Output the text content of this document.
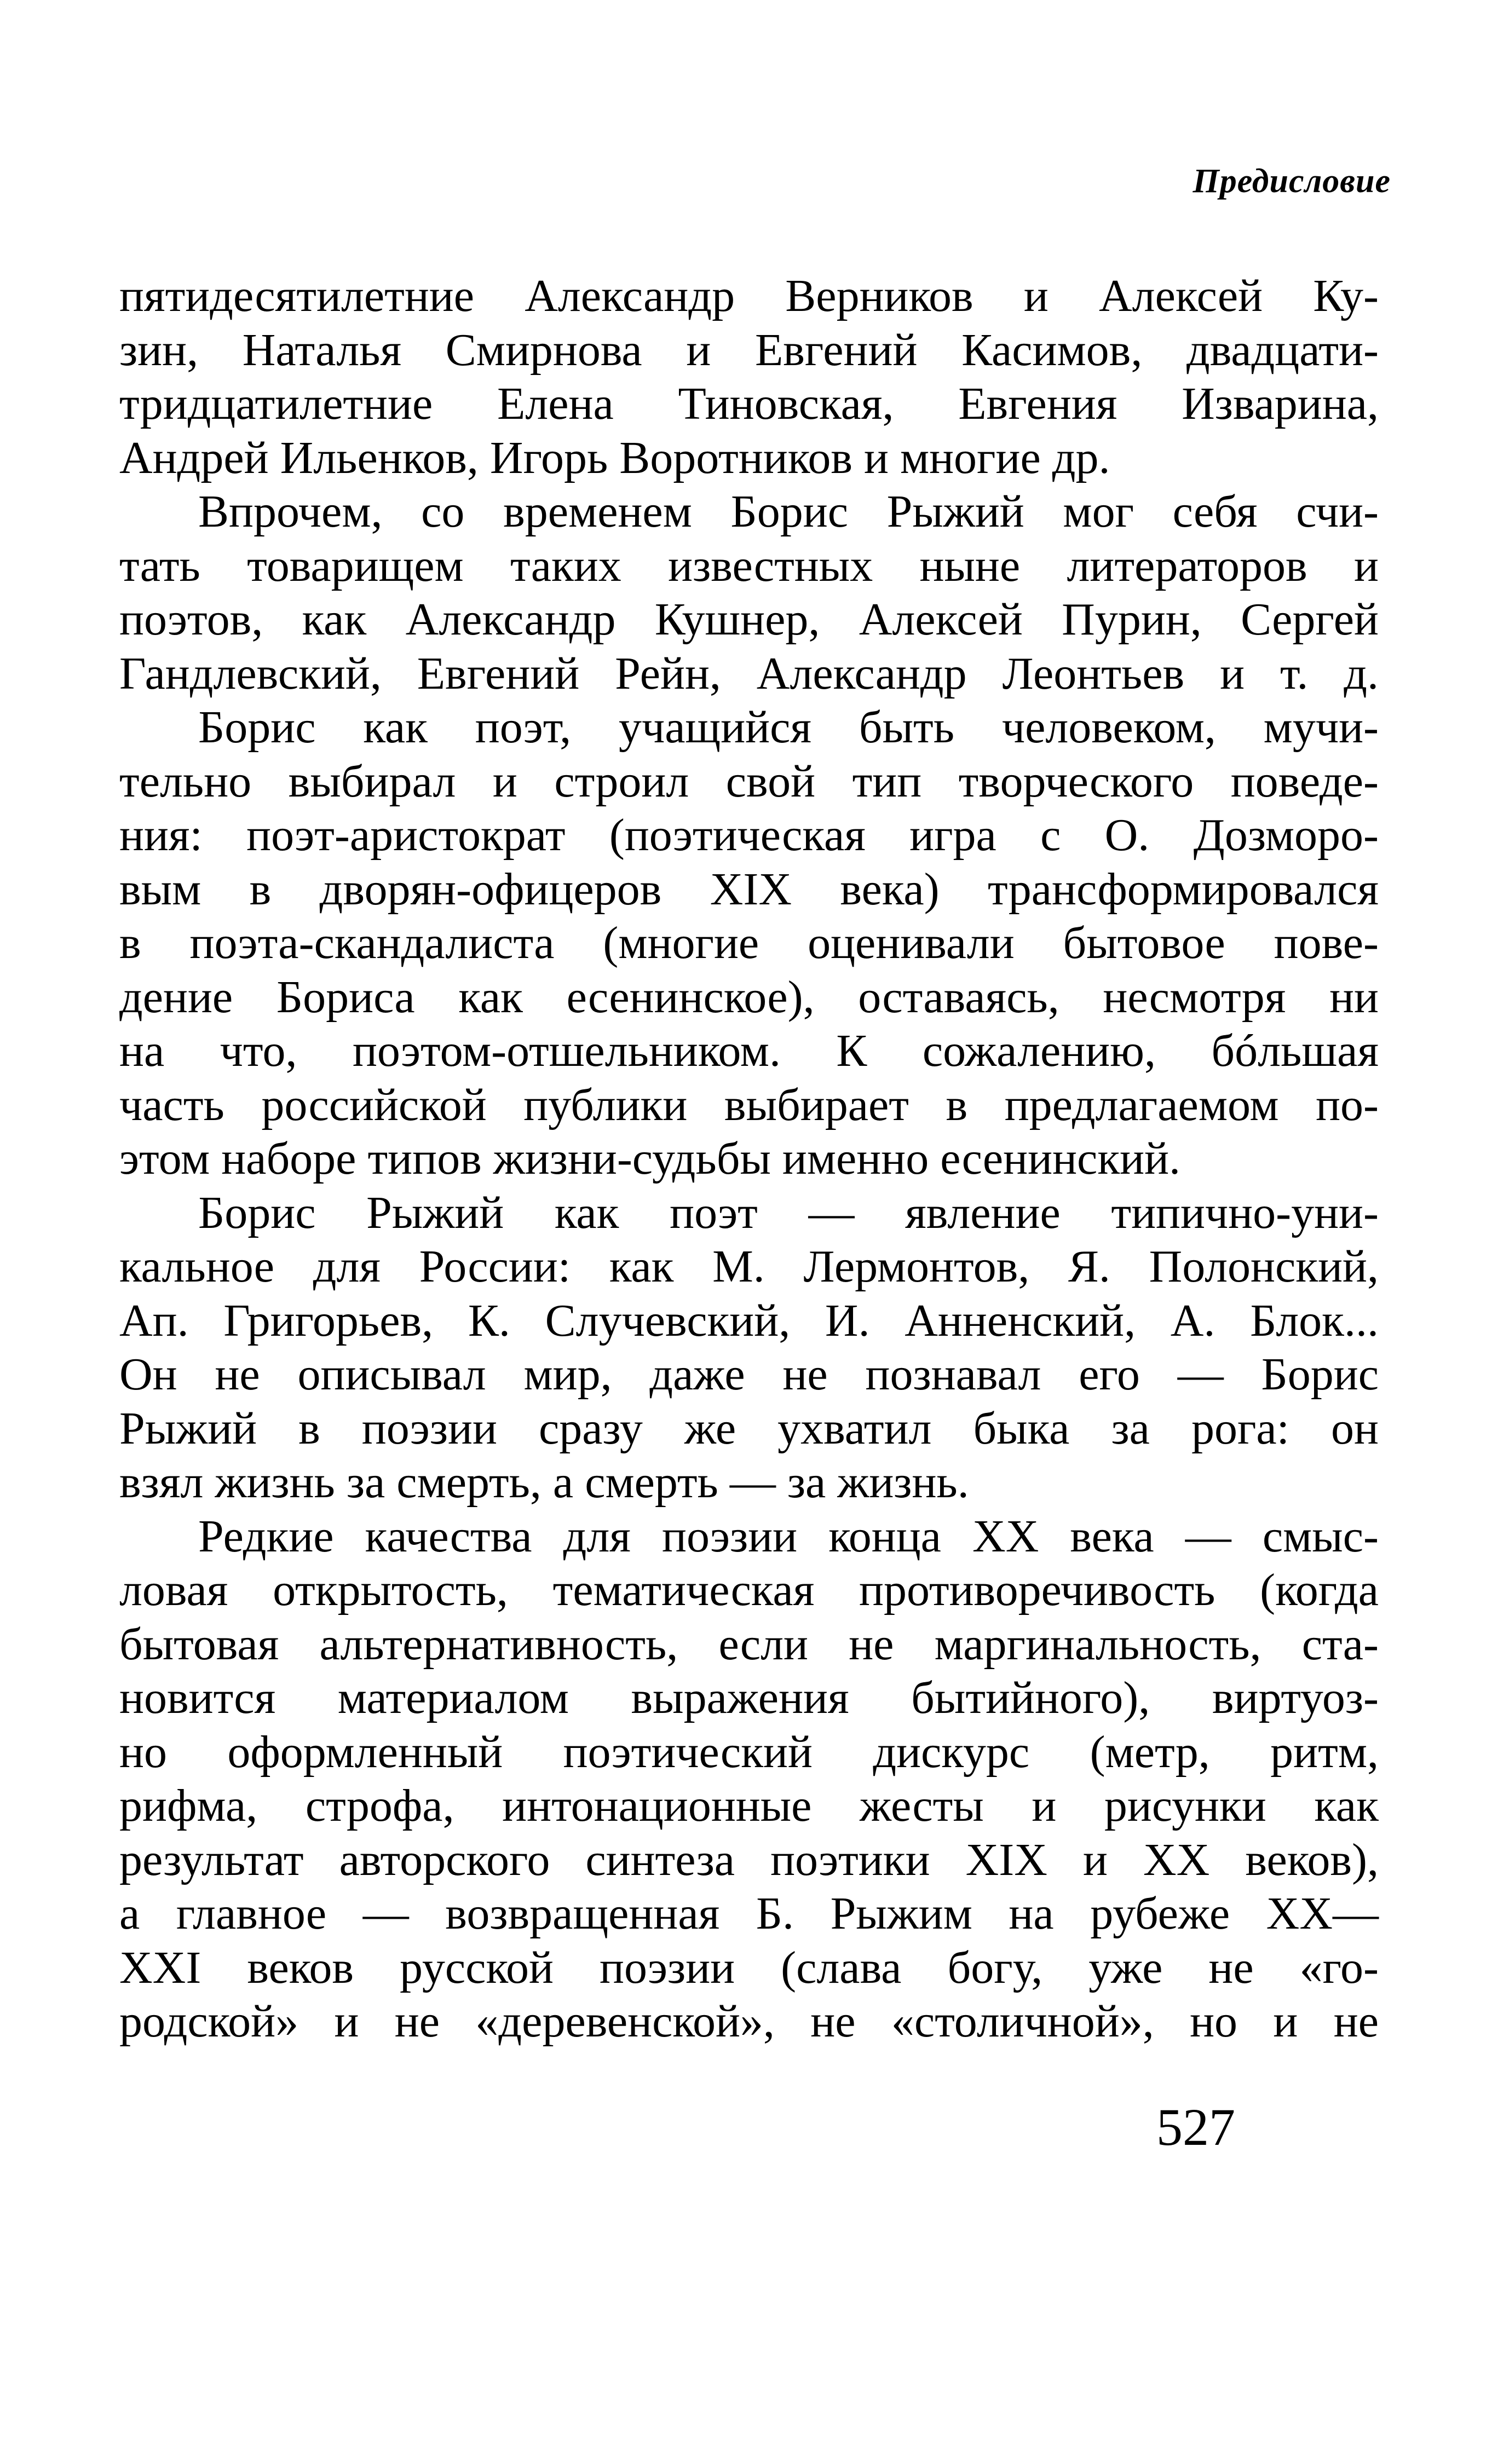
Предисловие
пятидесятилетние Александр Верников и Алексей Ку-
зин, Наталья Смирнова и Евгений Касимов, двадцати-
тридцатилетние Елена Тиновская, Евгения Изварина,
Андрей Ильенков, Игорь Воротников и многие др.
Впрочем, со временем Борис Рыжий мог себя счи-
тать товарищем таких известных ныне литераторов и
поэтов, как Александр Кушнер, Алексей Пурин, Сергей
Гандлевский, Евгений Рейн, Александр Леонтьев и т. д.
Борис как поэт, учащийся быть человеком, мучи-
тельно выбирал и строил свой тип творческого поведе-
ния: поэт-аристократ (поэтическая игра с О. Дозморо-
вым в дворян-офицеров XIX века) трансформировался
в поэта-скандалиста (многие оценивали бытовое пове-
дение Бориса как есенинское), оставаясь, несмотря ни
на что, поэтом-отшельником. К сожалению, бóльшая
часть российской публики выбирает в предлагаемом по-
этом наборе типов жизни-судьбы именно есенинский.
Борис Рыжий как поэт — явление типично-уни-
кальное для России: как М. Лермонтов, Я. Полонский,
Ап. Григорьев, К. Случевский, И. Анненский, А. Блок...
Он не описывал мир, даже не познавал его — Борис
Рыжий в поэзии сразу же ухватил быка за рога: он
взял жизнь за смерть, а смерть — за жизнь.
Редкие качества для поэзии конца XX века — смыс-
ловая открытость, тематическая противоречивость (когда
бытовая альтернативность, если не маргинальность, ста-
новится материалом выражения бытийного), виртуоз-
но оформленный поэтический дискурс (метр, ритм,
рифма, строфа, интонационные жесты и рисунки как
результат авторского синтеза поэтики XIX и XX веков),
а главное — возвращенная Б. Рыжим на рубеже XX—
XXI веков русской поэзии (слава богу, уже не «го-
родской» и не «деревенской», не «столичной», но и не
527
